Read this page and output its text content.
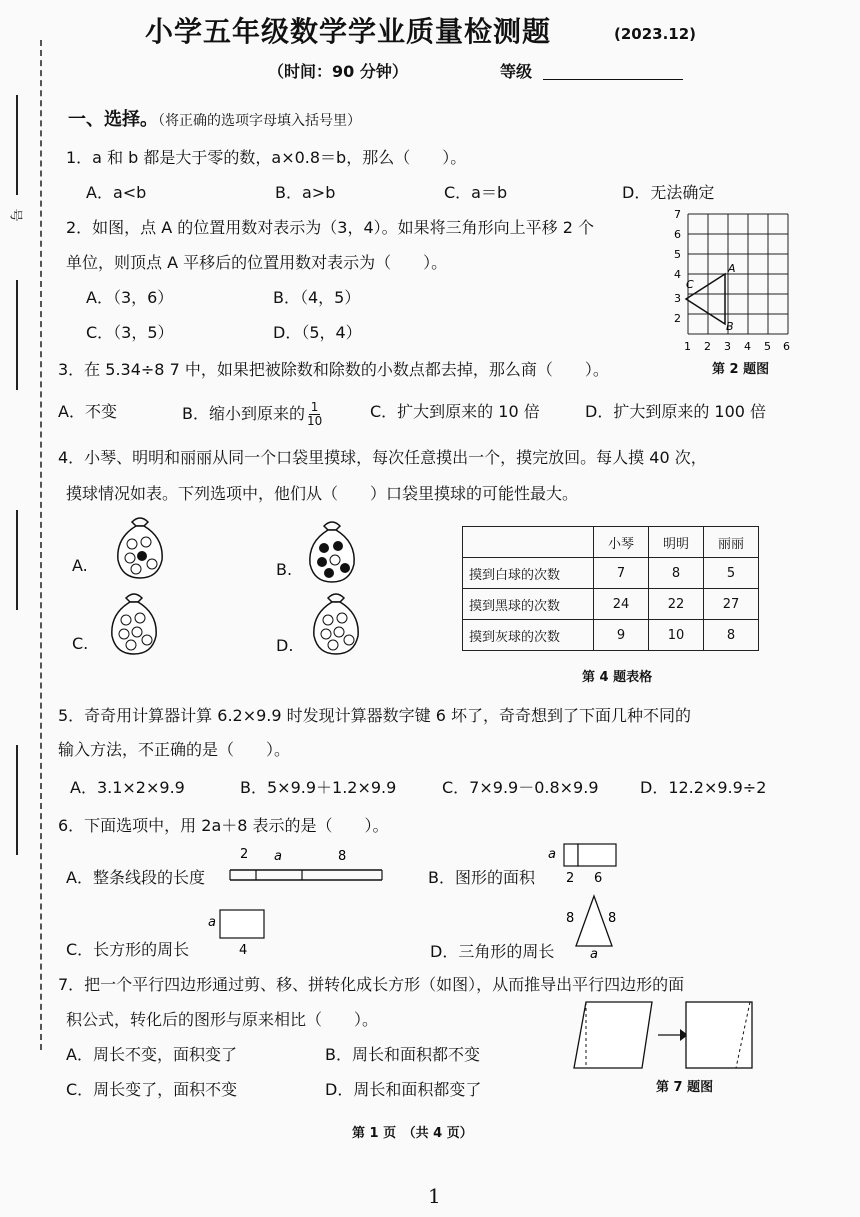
号
小学五年级数学学业质量检测题	(2023.12)
（时间：90 分钟）	等级
一、选择。（将正确的选项字母填入括号里）
1．a 和 b 都是大于零的数，a×0.8＝b，那么（　　）。
A．a<b	B．a>b	C．a＝b	D．无法确定
2．如图，点 A 的位置用数对表示为（3，4）。如果将三角形向上平移 2 个
单位，则顶点 A 平移后的位置用数对表示为（　　）。
A．（3，6）	B．（4，5）
C．（3，5）	D．（5，4）
7
6
5
4
3
2
1 2 3 4 5 6
A
B
C
第 2 题图
3．在 5.34÷8 7 中，如果把被除数和除数的小数点都去掉，那么商（　　）。
A．不变	B．缩小到原来的 $\frac{1}{10}$	C．扩大到原来的 10 倍	D．扩大到原来的 100 倍
4．小琴、明明和丽丽从同一个口袋里摸球，每次任意摸出一个，摸完放回。每人摸 40 次，
摸球情况如表。下列选项中，他们从（　　）口袋里摸球的可能性最大。
A.	B.
C.	D.
	小琴	明明	丽丽
摸到白球的次数	7	8	5
摸到黑球的次数	24	22	27
摸到灰球的次数	9	10	8
第 4 题表格
5．奇奇用计算器计算 6.2×9.9 时发现计算器数字键 6 坏了，奇奇想到了下面几种不同的
输入方法，不正确的是（　　）。
A．3.1×2×9.9	B．5×9.9＋1.2×9.9	C．7×9.9－0.8×9.9	D．12.2×9.9÷2
6．下面选项中，用 2a＋8 表示的是（　　）。
A．整条线段的长度
2 a	8
B．图形的面积
a
2 6
a
4
C．长方形的周长
8	8
a
D．三角形的周长
7．把一个平行四边形通过剪、移、拼转化成长方形（如图），从而推导出平行四边形的面
积公式，转化后的图形与原来相比（　　）。
A．周长不变，面积变了	B．周长和面积都不变
C．周长变了，面积不变	D．周长和面积都变了	第 7 题图
第 1 页　（共 4 页）
1
